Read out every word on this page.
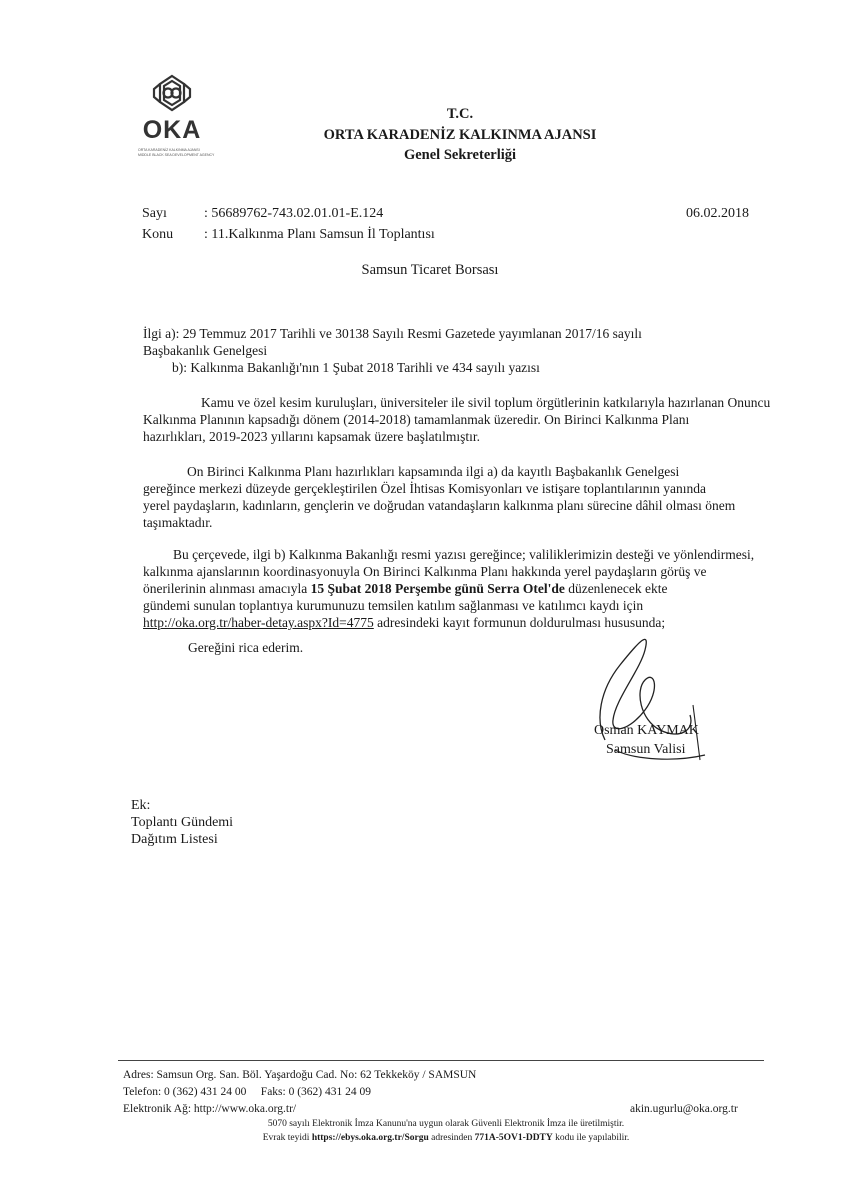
OKA
ORTA KARADENİZ KALKINMA AJANSI
MIDDLE BLACK SEA DEVELOPMENT AGENCY
T.C.
ORTA KARADENİZ KALKINMA AJANSI
Genel Sekreterliği
Sayı	: 56689762-743.02.01.01-E.124
Konu : 11.Kalkınma Planı Samsun İl Toplantısı
06.02.2018
Samsun Ticaret Borsası
İlgi a): 29 Temmuz 2017 Tarihli ve 30138 Sayılı Resmi Gazetede yayımlanan 2017/16 sayılı
Başbakanlık Genelgesi
b): Kalkınma Bakanlığı'nın 1 Şubat 2018 Tarihli ve 434 sayılı yazısı
Kamu ve özel kesim kuruluşları, üniversiteler ile sivil toplum örgütlerinin katkılarıyla hazırlanan Onuncu
Kalkınma Planının kapsadığı dönem (2014-2018) tamamlanmak üzeredir. On Birinci Kalkınma Planı
hazırlıkları, 2019-2023 yıllarını kapsamak üzere başlatılmıştır.
On Birinci Kalkınma Planı hazırlıkları kapsamında ilgi a) da kayıtlı Başbakanlık Genelgesi
gereğince merkezi düzeyde gerçekleştirilen Özel İhtisas Komisyonları ve istişare toplantılarının yanında
yerel paydaşların, kadınların, gençlerin ve doğrudan vatandaşların kalkınma planı sürecine dâhil olması önem
taşımaktadır.
Bu çerçevede, ilgi b) Kalkınma Bakanlığı resmi yazısı gereğince; valiliklerimizin desteği ve yönlendirmesi,
kalkınma ajanslarının koordinasyonuyla On Birinci Kalkınma Planı hakkında yerel paydaşların görüş ve
önerilerinin alınması amacıyla 15 Şubat 2018 Perşembe günü Serra Otel'de düzenlenecek ekte
gündemi sunulan toplantıya kurumunuzu temsilen katılım sağlanması ve katılımcı kaydı için
http://oka.org.tr/haber-detay.aspx?Id=4775 adresindeki kayıt formunun doldurulması hususunda;
Gereğini rica ederim.
Osman KAYMAK
Samsun Valisi
Ek:
Toplantı Gündemi
Dağıtım Listesi
Adres: Samsun Org. San. Böl. Yaşardoğu Cad. No: 62 Tekkeköy / SAMSUN
Telefon: 0 (362) 431 24 00     Faks: 0 (362) 431 24 09
Elektronik Ağ: http://www.oka.org.tr/	akin.ugurlu@oka.org.tr
5070 sayılı Elektronik İmza Kanunu'na uygun olarak Güvenli Elektronik İmza ile üretilmiştir.
Evrak teyidi https://ebys.oka.org.tr/Sorgu adresinden 771A-5OV1-DDTY kodu ile yapılabilir.
